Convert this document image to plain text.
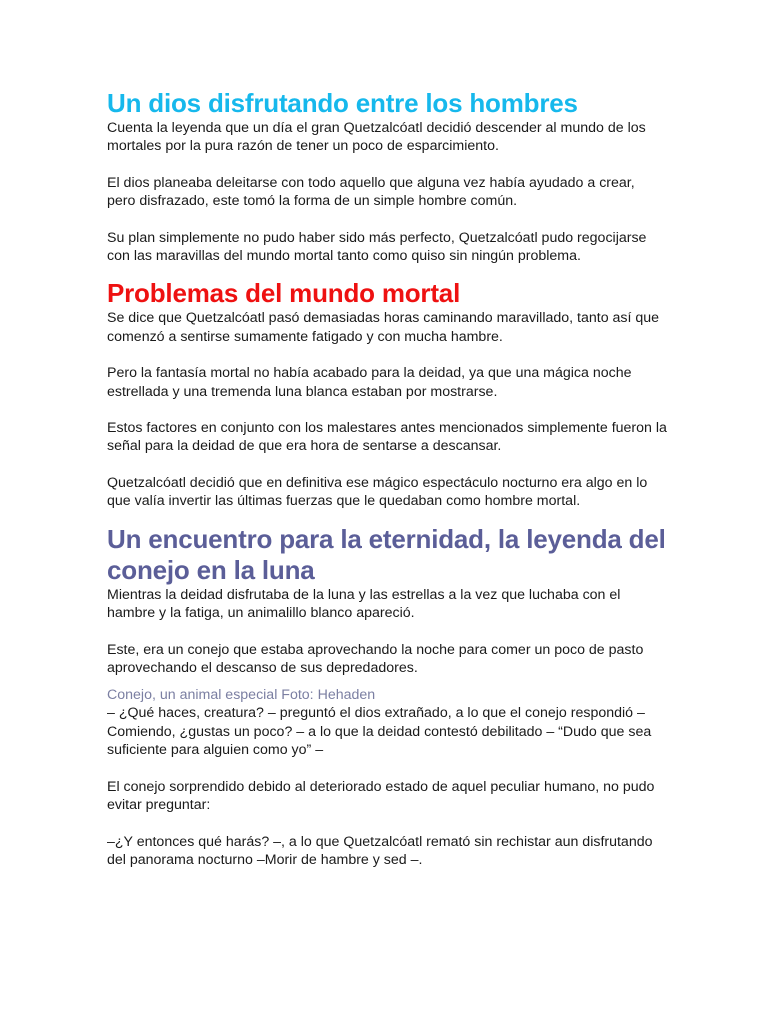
Un dios disfrutando entre los hombres

Cuenta la leyenda que un día el gran Quetzalcóatl decidió descender al mundo de los mortales por la pura razón de tener un poco de esparcimiento.

El dios planeaba deleitarse con todo aquello que alguna vez había ayudado a crear, pero disfrazado, este tomó la forma de un simple hombre común.

Su plan simplemente no pudo haber sido más perfecto, Quetzalcóatl pudo regocijarse con las maravillas del mundo mortal tanto como quiso sin ningún problema.

Problemas del mundo mortal

Se dice que Quetzalcóatl pasó demasiadas horas caminando maravillado, tanto así que comenzó a sentirse sumamente fatigado y con mucha hambre.

Pero la fantasía mortal no había acabado para la deidad, ya que una mágica noche estrellada y una tremenda luna blanca estaban por mostrarse.

Estos factores en conjunto con los malestares antes mencionados simplemente fueron la señal para la deidad de que era hora de sentarse a descansar.

Quetzalcóatl decidió que en definitiva ese mágico espectáculo nocturno era algo en lo que valía invertir las últimas fuerzas que le quedaban como hombre mortal.

Un encuentro para la eternidad, la leyenda del conejo en la luna

Mientras la deidad disfrutaba de la luna y las estrellas a la vez que luchaba con el hambre y la fatiga, un animalillo blanco apareció.

Este, era un conejo que estaba aprovechando la noche para comer un poco de pasto aprovechando el descanso de sus depredadores.

Conejo, un animal especial Foto: Hehaden

– ¿Qué haces, creatura? – preguntó el dios extrañado, a lo que el conejo respondió – Comiendo, ¿gustas un poco? – a lo que la deidad contestó debilitado – “Dudo que sea suficiente para alguien como yo” –

El conejo sorprendido debido al deteriorado estado de aquel peculiar humano, no pudo evitar preguntar:

–¿Y entonces qué harás? –, a lo que Quetzalcóatl remató sin rechistar aun disfrutando del panorama nocturno –Morir de hambre y sed –.
